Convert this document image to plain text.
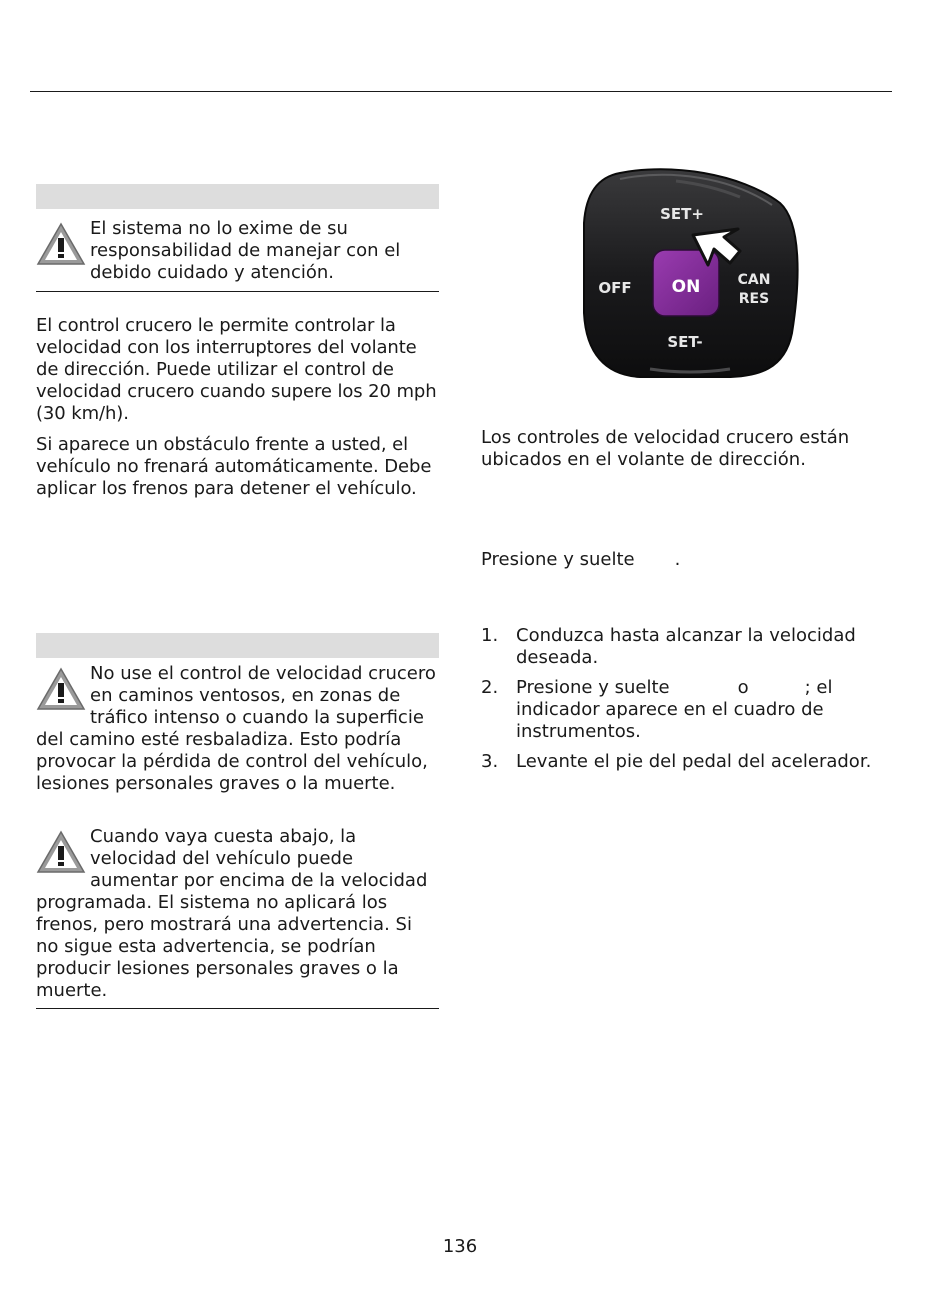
El sistema no lo exime de su responsabilidad de manejar con el debido cuidado y atención.

El control crucero le permite controlar la velocidad con los interruptores del volante de dirección. Puede utilizar el control de velocidad crucero cuando supere los 20 mph (30 km/h).
Si aparece un obstáculo frente a usted, el vehículo no frenará automáticamente. Debe aplicar los frenos para detener el vehículo.

No use el control de velocidad crucero en caminos ventosos, en zonas de tráfico intenso o cuando la superficie del camino esté resbaladiza. Esto podría provocar la pérdida de control del vehículo, lesiones personales graves o la muerte.

Cuando vaya cuesta abajo, la velocidad del vehículo puede aumentar por encima de la velocidad programada. El sistema no aplicará los frenos, pero mostrará una advertencia. Si no sigue esta advertencia, se podrían producir lesiones personales graves o la muerte.

SET+
ON
OFF	CAN
RES
SET-
Los controles de velocidad crucero están ubicados en el volante de dirección.
Presione y suelte .
1. Conduzca hasta alcanzar la velocidad deseada.
2. Presione y suelte	o	; el indicador aparece en el cuadro de instrumentos.
3. Levante el pie del pedal del acelerador.
136
